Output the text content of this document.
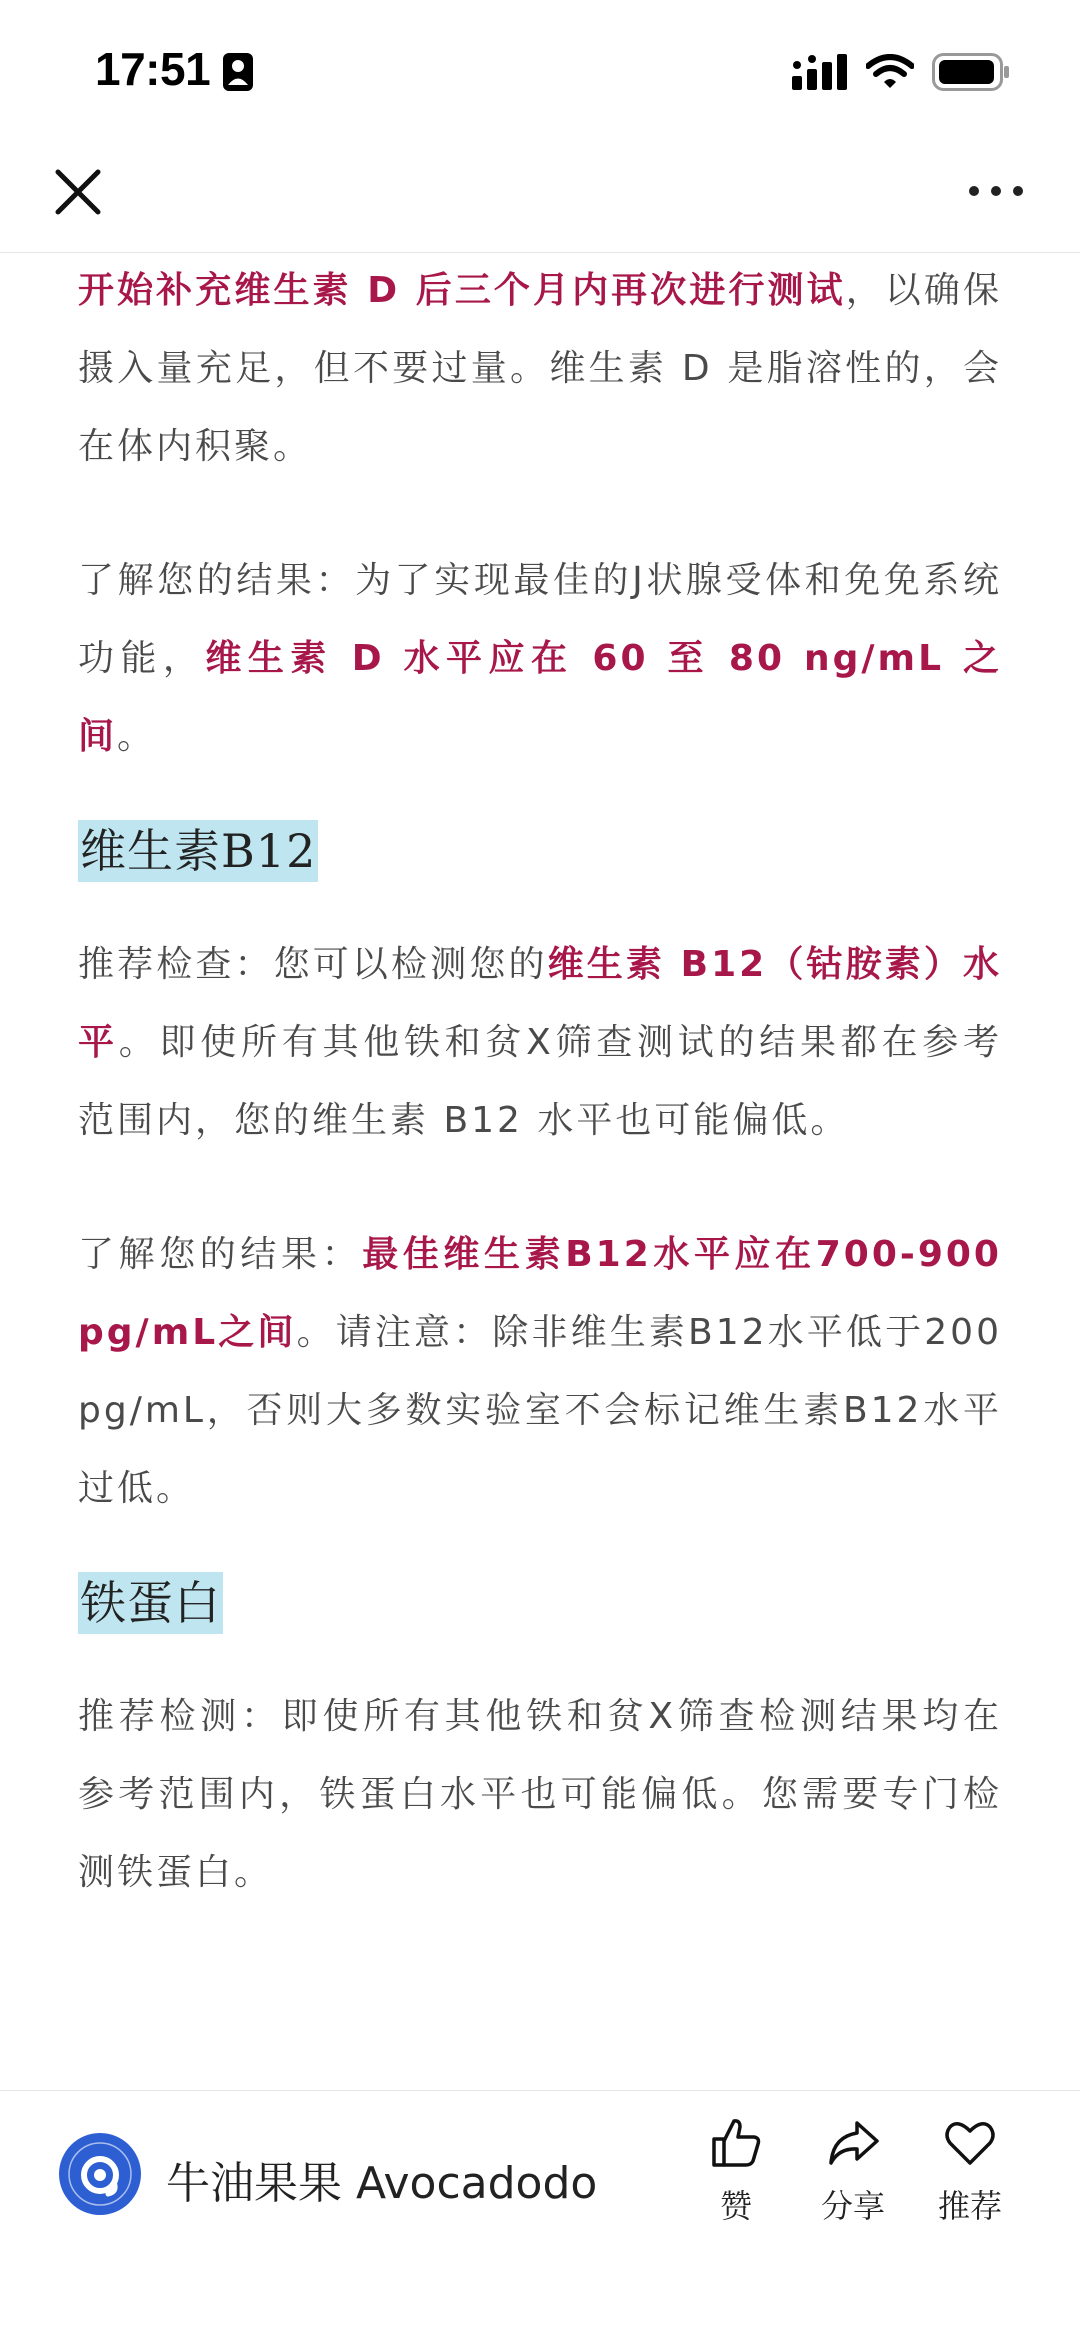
17:51

开始补充维生素 D 后三个月内再次进行测试，以确保摄入量充足，但不要过量。维生素 D 是脂溶性的，会在体内积聚。

了解您的结果：为了实现最佳的J状腺受体和免免系统功能，维生素 D 水平应在 60 至 80 ng/mL 之间。

维生素B12

推荐检查：您可以检测您的维生素 B12（钴胺素）水平。即使所有其他铁和贫X筛查测试的结果都在参考范围内，您的维生素 B12 水平也可能偏低。

了解您的结果：最佳维生素B12水平应在700-900 pg/mL之间。请注意：除非维生素B12水平低于200 pg/mL，否则大多数实验室不会标记维生素B12水平过低。

铁蛋白

推荐检测：即使所有其他铁和贫X筛查检测结果均在参考范围内，铁蛋白水平也可能偏低。您需要专门检测铁蛋白。

牛油果果 Avocadodo	赞	分享	推荐
